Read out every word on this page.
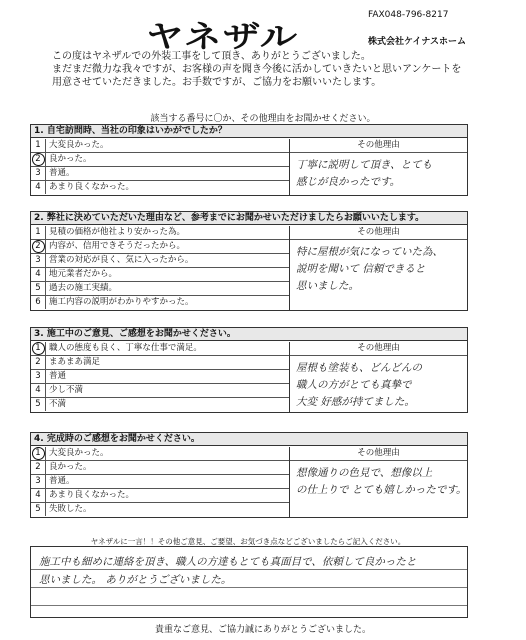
ヤネザル
FAX048-796-8217
株式会社ケイナスホーム
この度はヤネザルでの外装工事をして頂き、ありがとうございました。
まだまだ微力な我々ですが、お客様の声を聞き今後に活かしていきたいと思いアンケートを
用意させていただきました。お手数ですが、ご協力をお願いいたします。
該当する番号に〇か、その他理由をお聞かせください。
1. 自宅訪問時、当社の印象はいかがでしたか？
1 大変良かった。
2 良かった。
3 普通。
4 あまり良くなかった。
その他理由
丁寧に説明して頂き、とても
感じが良かったです。
2. 弊社に決めていただいた理由など、参考までにお聞かせいただけましたらお願いいたします。
1 見積の価格が他社より安かった為。
2 内容が、信用できそうだったから。
3 営業の対応が良く、気に入ったから。
4 地元業者だから。
5 過去の施工実績。
6 施工内容の説明がわかりやすかった。
その他理由
特に屋根が気になっていた為、
説明を聞いて 信頼できると
思いました。
3. 施工中のご意見、ご感想をお聞かせください。
1 職人の態度も良く、丁寧な仕事で満足。
2 まあまあ満足
3 普通
4 少し不満
5 不満
その他理由
屋根も塗装も、どんどんの
職人の方がとても真摯で
大変 好感が持てました。
4. 完成時のご感想をお聞かせください。
1 大変良かった。
2 良かった。
3 普通。
4 あまり良くなかった。
5 失敗した。
その他理由
想像通りの色見で、想像以上
の仕上りで とても嬉しかったです。
ヤネザルに一言！！その他ご意見、ご要望、お気づき点などございましたらご記入ください。
施工中も細めに連絡を頂き、職人の方達もとても真面目で、依頼して良かったと
思いました。 ありがとうございました。
貴重なご意見、ご協力誠にありがとうございました。
